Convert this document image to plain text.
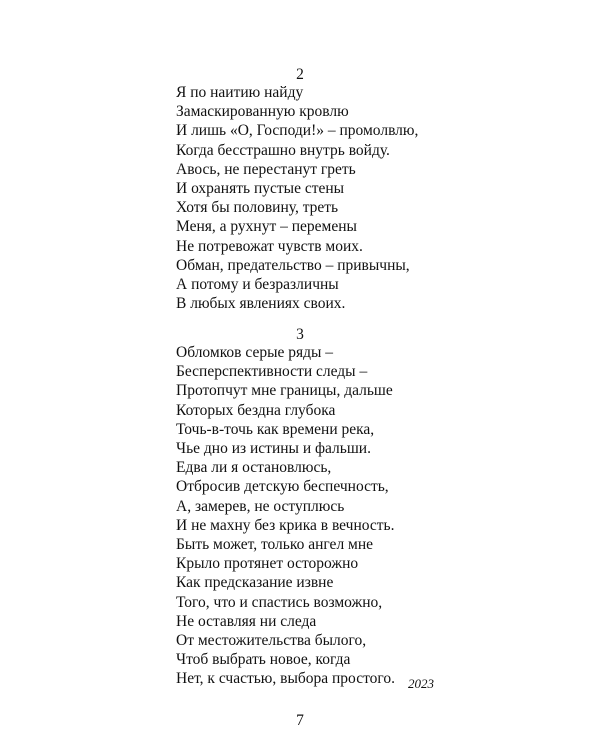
2
Я по наитию найду
Замаскированную кровлю
И лишь «О, Господи!» – промолвлю,
Когда бесстрашно внутрь войду.
Авось, не перестанут греть
И охранять пустые стены
Хотя бы половину, треть
Меня, а рухнут – перемены
Не потревожат чувств моих.
Обман, предательство – привычны,
А потому и безразличны
В любых явлениях своих.
3
Обломков серые ряды –
Бесперспективности следы –
Протопчут мне границы, дальше
Которых бездна глубока
Точь-в-точь как времени река,
Чье дно из истины и фальши.
Едва ли я остановлюсь,
Отбросив детскую беспечность,
А, замерев, не оступлюсь
И не махну без крика в вечность.
Быть может, только ангел мне
Крыло протянет осторожно
Как предсказание извне
Того, что и спастись возможно,
Не оставляя ни следа
От местожительства былого,
Чтоб выбрать новое, когда
Нет, к счастью, выбора простого. 2023
7
